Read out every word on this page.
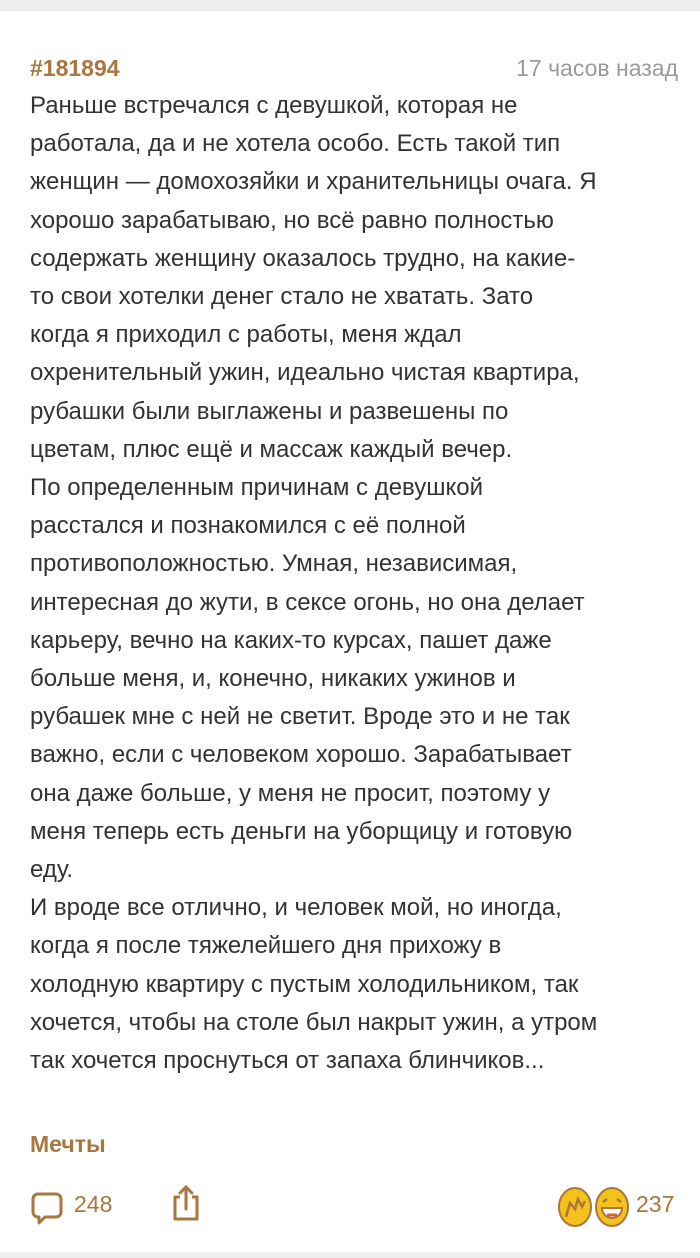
#181894	17 часов назад
Раньше встречался с девушкой, которая не
работала, да и не хотела особо. Есть такой тип
женщин — домохозяйки и хранительницы очага. Я
хорошо зарабатываю, но всё равно полностью
содержать женщину оказалось трудно, на какие-
то свои хотелки денег стало не хватать. Зато
когда я приходил с работы, меня ждал
охренительный ужин, идеально чистая квартира,
рубашки были выглажены и развешены по
цветам, плюс ещё и массаж каждый вечер.
По определенным причинам с девушкой
расстался и познакомился с её полной
противоположностью. Умная, независимая,
интересная до жути, в сексе огонь, но она делает
карьеру, вечно на каких-то курсах, пашет даже
больше меня, и, конечно, никаких ужинов и
рубашек мне с ней не светит. Вроде это и не так
важно, если с человеком хорошо. Зарабатывает
она даже больше, у меня не просит, поэтому у
меня теперь есть деньги на уборщицу и готовую
еду.
И вроде все отлично, и человек мой, но иногда,
когда я после тяжелейшего дня прихожу в
холодную квартиру с пустым холодильником, так
хочется, чтобы на столе был накрыт ужин, а утром
так хочется проснуться от запаха блинчиков...
Мечты
248	237
